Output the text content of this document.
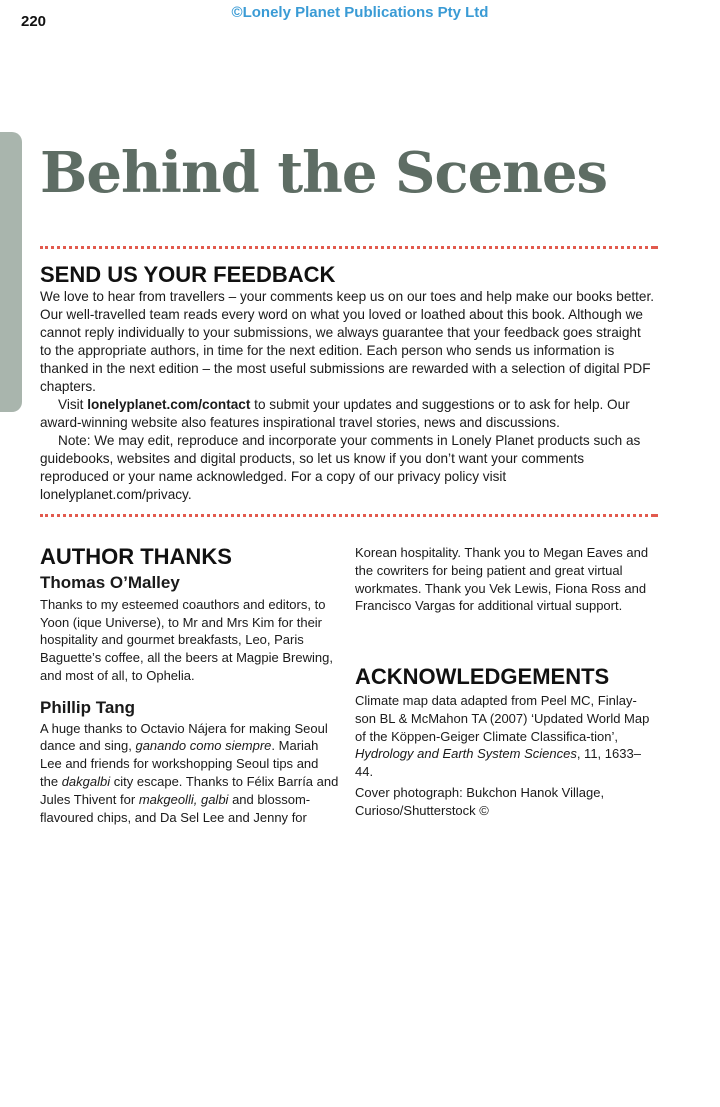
220
©Lonely Planet Publications Pty Ltd
Behind the Scenes
SEND US YOUR FEEDBACK

We love to hear from travellers – your comments keep us on our toes and help make our books better. Our well-travelled team reads every word on what you loved or loathed about this book. Although we cannot reply individually to your submissions, we always guarantee that your feedback goes straight to the appropriate authors, in time for the next edition. Each person who sends us information is thanked in the next edition – the most useful submissions are rewarded with a selection of digital PDF chapters.

Visit lonelyplanet.com/contact to submit your updates and suggestions or to ask for help. Our award-winning website also features inspirational travel stories, news and discussions.

Note: We may edit, reproduce and incorporate your comments in Lonely Planet products such as guidebooks, websites and digital products, so let us know if you don’t want your comments reproduced or your name acknowledged. For a copy of our privacy policy visit lonelyplanet.com/privacy.

AUTHOR THANKS

Thomas O’Malley

Thanks to my esteemed coauthors and editors, to Yoon (ique Universe), to Mr and Mrs Kim for their hospitality and gourmet breakfasts, Leo, Paris Baguette’s coffee, all the beers at Magpie Brewing, and most of all, to Ophelia.

Phillip Tang

A huge thanks to Octavio Nájera for making Seoul dance and sing, ganando como siempre. Mariah Lee and friends for workshopping Seoul tips and the dakgalbi city escape. Thanks to Félix Barría and Jules Thivent for makgeolli, galbi and blossom-flavoured chips, and Da Sel Lee and Jenny for

ACKNOWLEDGEMENTS

Climate map data adapted from Peel MC, Finlay-son BL & McMahon TA (2007) ‘Updated World Map of the Köppen-Geiger Climate Classifica-tion’, Hydrology and Earth System Sciences, 11, 1633–44.

Cover photograph: Bukchon Hanok Village, Curioso/Shutterstock ©

Korean hospitality. Thank you to Megan Eaves and the cowriters for being patient and great virtual workmates. Thank you Vek Lewis, Fiona Ross and Francisco Vargas for additional virtual support.
